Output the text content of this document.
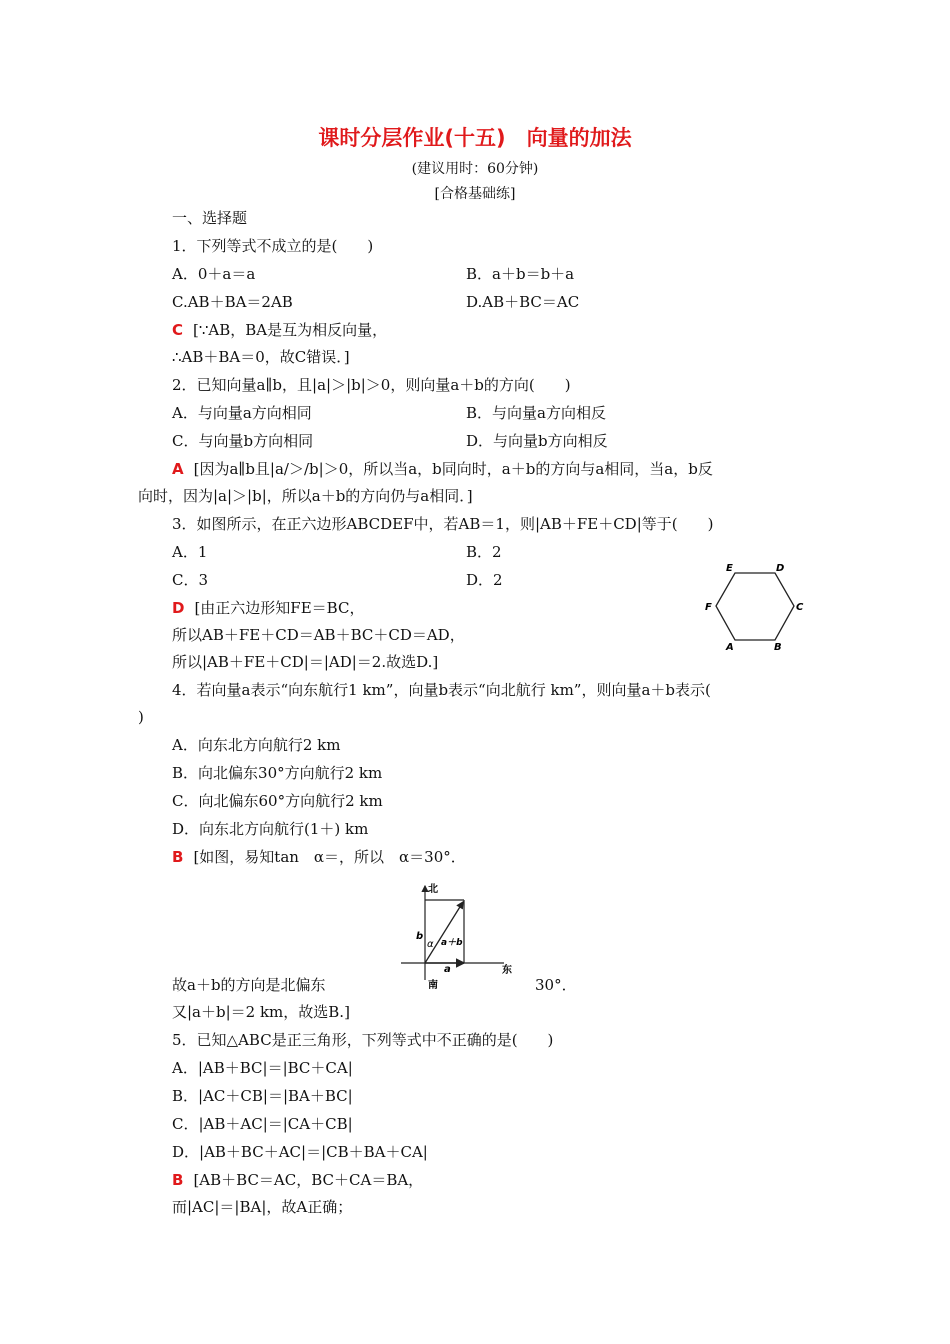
课时分层作业(十五)　向量的加法
(建议用时：60分钟)
[合格基础练]
一、选择题
1．下列等式不成立的是(　　)
A．0＋a＝a	B．a＋b＝b＋a
C.AB＋BA＝2AB	D.AB＋BC＝AC
C [∵AB，BA是互为相反向量，
∴AB＋BA＝0，故C错误．]
2．已知向量a∥b，且|a|＞|b|＞0，则向量a＋b的方向(　　)
A．与向量a方向相同	B．与向量a方向相反
C．与向量b方向相同	D．与向量b方向相反
A [因为a∥b且|a/＞/b|＞0，所以当a，b同向时，a＋b的方向与a相同，当a，b反
向时，因为|a|＞|b|，所以a＋b的方向仍与a相同．]
3．如图所示，在正六边形ABCDEF中，若AB＝1，则|AB＋FE＋CD|等于(　　)
A．1	B．2
C．3	D．2
D [由正六边形知FE＝BC，
所以AB＋FE＋CD＝AB＋BC＋CD＝AD，
所以|AB＋FE＋CD|＝|AD|＝2.故选D.]
E	D
F	C
A	B
4．若向量a表示“向东航行1 km”，向量b表示“向北航行 km”，则向量a＋b表示(
)
A．向东北方向航行2 km
B．向北偏东30°方向航行2 km
C．向北偏东60°方向航行2 km
D．向东北方向航行(1＋) km
B [如图，易知tan　α＝，所以　α＝30°．
北
南
东
b
a
α a＋b
故a＋b的方向是北偏东	30°．
又|a＋b|＝2 km，故选B.]
5．已知△ABC是正三角形，下列等式中不正确的是(　　)
A．|AB＋BC|＝|BC＋CA|
B．|AC＋CB|＝|BA＋BC|
C．|AB＋AC|＝|CA＋CB|
D．|AB＋BC＋AC|＝|CB＋BA＋CA|
B [AB＋BC＝AC，BC＋CA＝BA，
而|AC|＝|BA|，故A正确；
